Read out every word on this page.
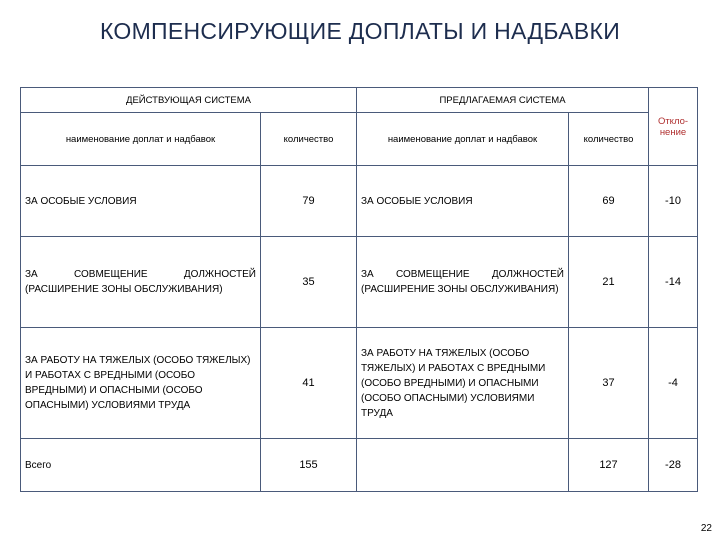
КОМПЕНСИРУЮЩИЕ ДОПЛАТЫ И НАДБАВКИ
ДЕЙСТВУЮЩАЯ СИСТЕМА		ПРЕДЛАГАЕМАЯ СИСТЕМА		Откло-нение
наименование доплат и надбавок	количество	наименование доплат и надбавок	количество	
ЗА ОСОБЫЕ УСЛОВИЯ	79	ЗА ОСОБЫЕ УСЛОВИЯ	69	-10
ЗА СОВМЕЩЕНИЕ ДОЛЖНОСТЕЙ (РАСШИРЕНИЕ ЗОНЫ ОБСЛУЖИВАНИЯ)	35	ЗА СОВМЕЩЕНИЕ ДОЛЖНОСТЕЙ (РАСШИРЕНИЕ ЗОНЫ ОБСЛУЖИВАНИЯ)	21	-14
ЗА РАБОТУ НА ТЯЖЕЛЫХ (ОСОБО ТЯЖЕЛЫХ) И РАБОТАХ С ВРЕДНЫМИ (ОСОБО ВРЕДНЫМИ) И ОПАСНЫМИ (ОСОБО ОПАСНЫМИ) УСЛОВИЯМИ ТРУДА	41	ЗА РАБОТУ НА ТЯЖЕЛЫХ (ОСОБО ТЯЖЕЛЫХ) И РАБОТАХ С ВРЕДНЫМИ (ОСОБО ВРЕДНЫМИ) И ОПАСНЫМИ (ОСОБО ОПАСНЫМИ) УСЛОВИЯМИ ТРУДА	37	-4
Всего	155		127	-28
22
